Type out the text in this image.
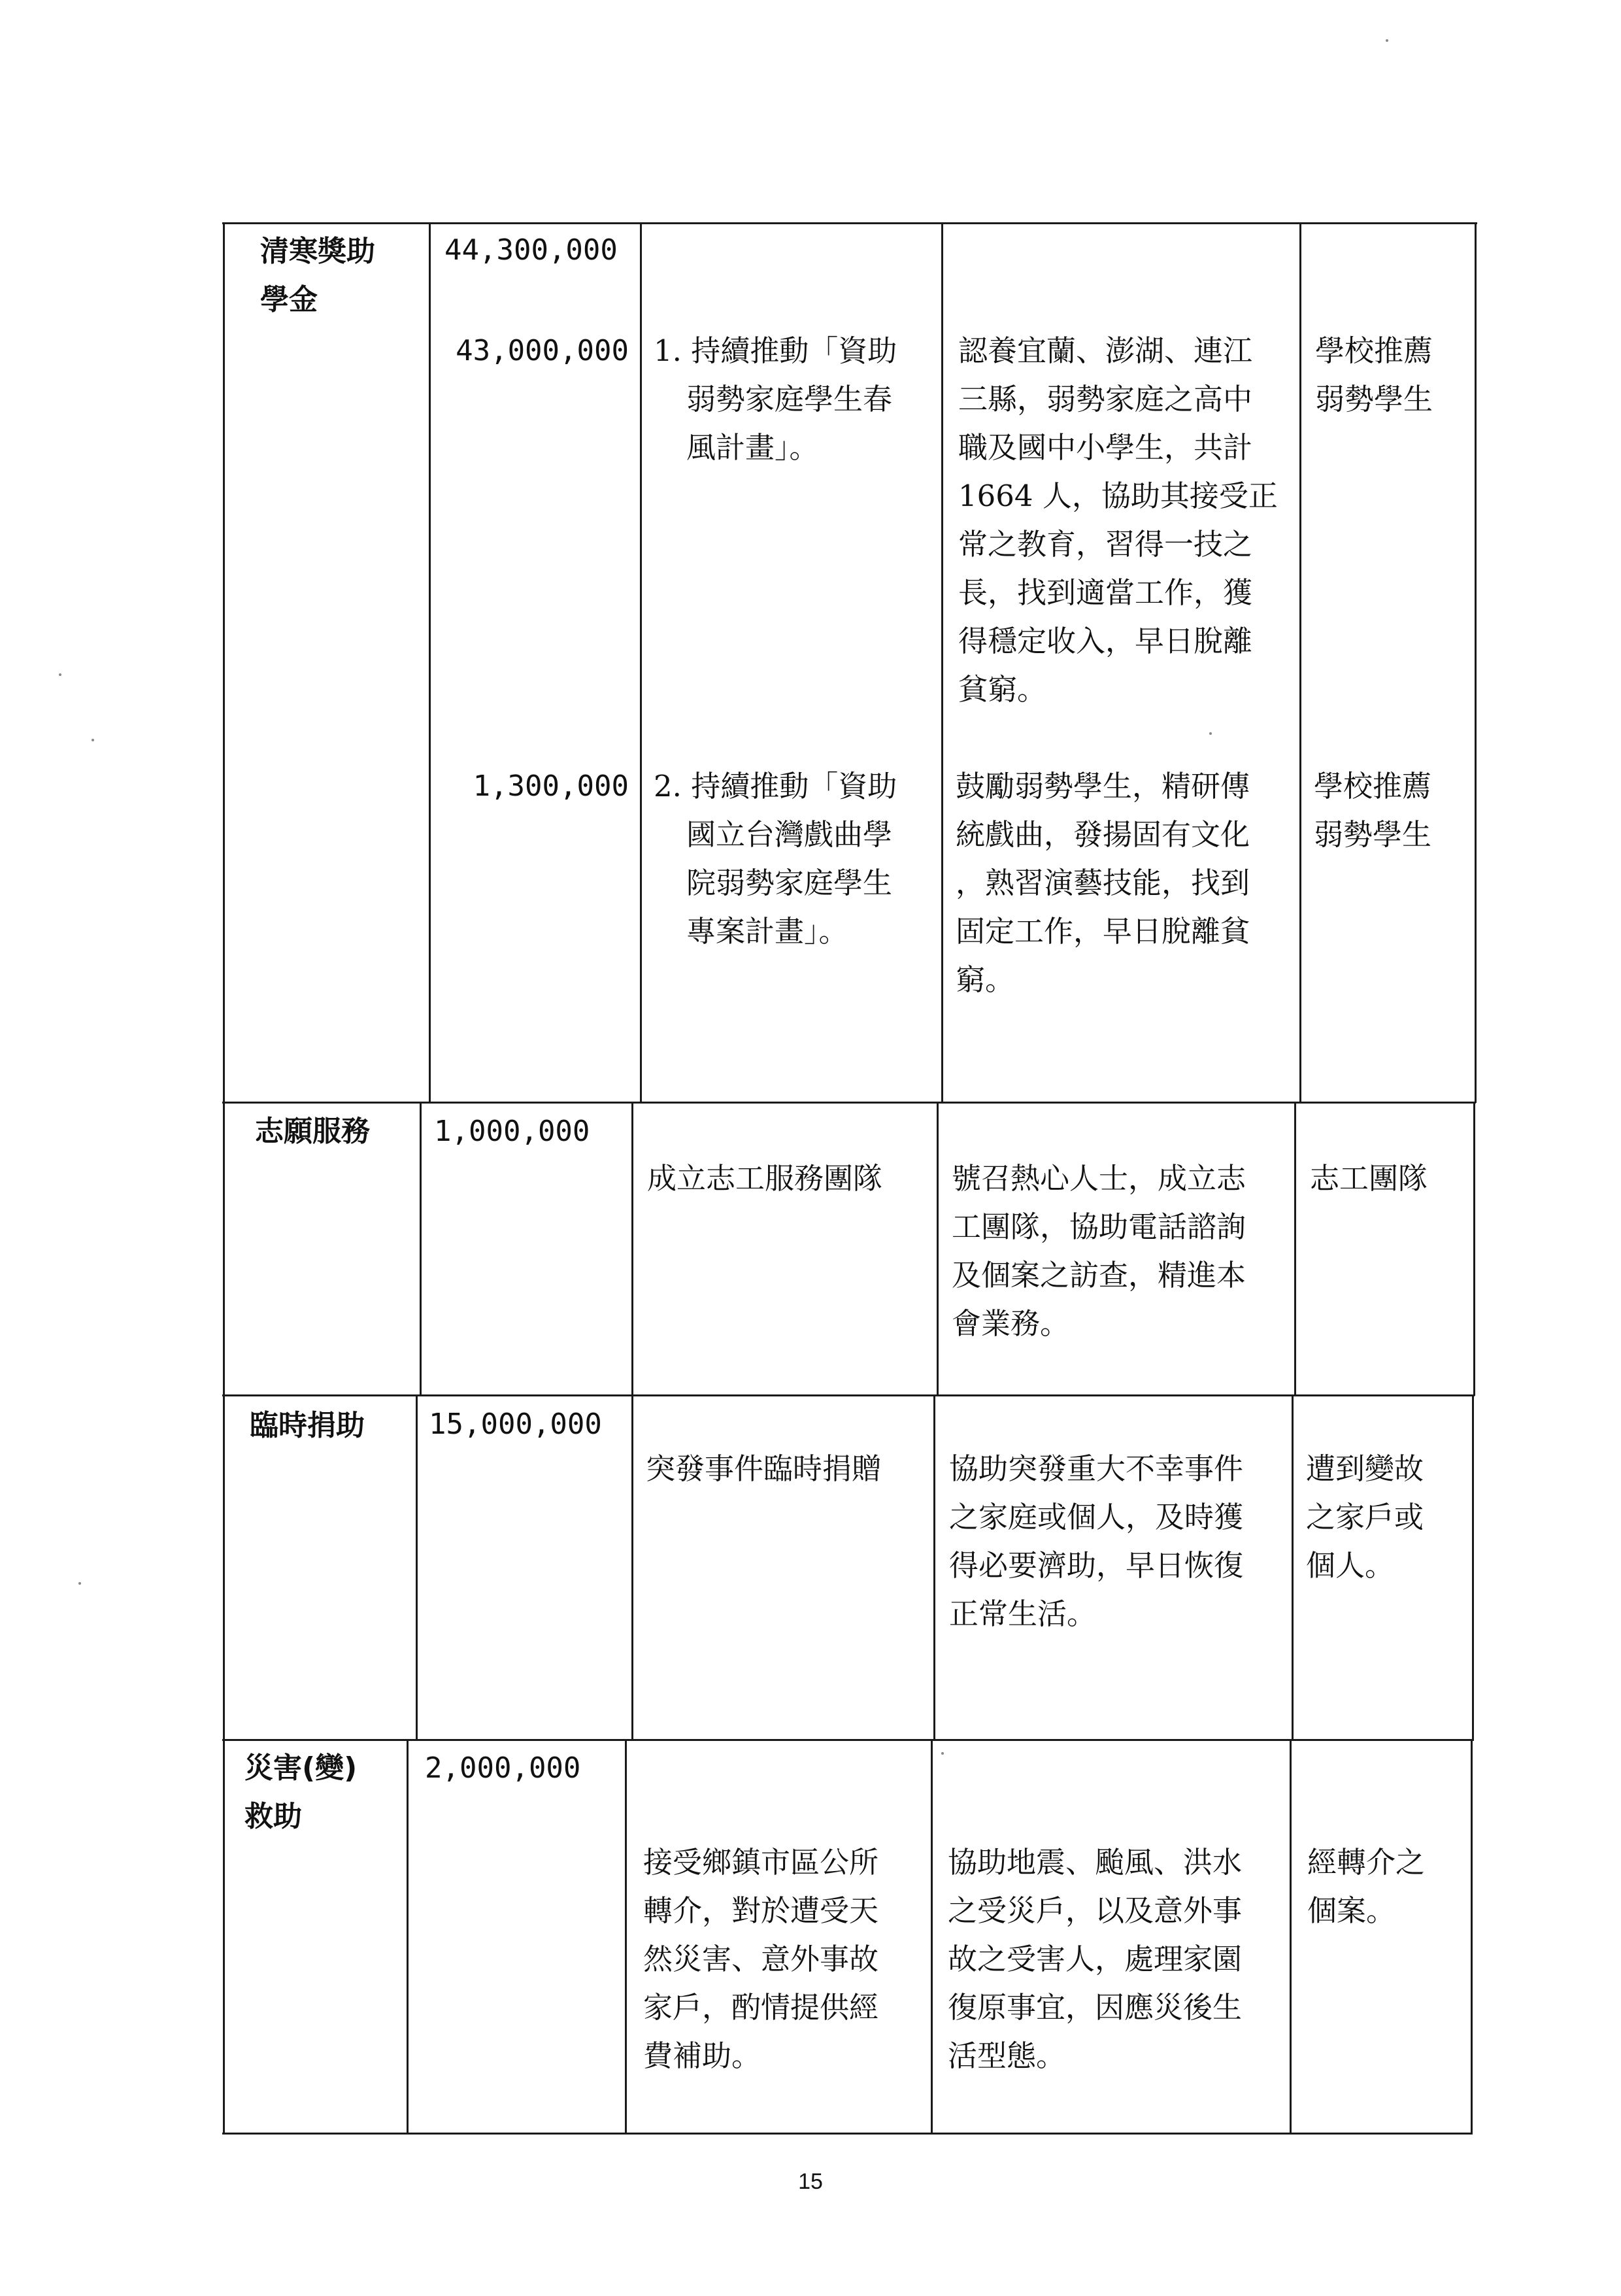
清寒獎助
學金
44,300,000
43,000,000 1. 持續推動「資助
弱勢家庭學生春
風計畫」。
認養宜蘭、澎湖、連江
三縣，弱勢家庭之高中
職及國中小學生，共計
1664 人，協助其接受正
常之教育，習得一技之
長，找到適當工作，獲
得穩定收入，早日脫離
貧窮。
學校推薦
弱勢學生
1,300,000 2. 持續推動「資助
國立台灣戲曲學
院弱勢家庭學生
專案計畫」。
鼓勵弱勢學生，精研傳
統戲曲，發揚固有文化
，熟習演藝技能，找到
固定工作，早日脫離貧
窮。
學校推薦
弱勢學生
志願服務 1,000,000
成立志工服務團隊 號召熱心人士，成立志
工團隊，協助電話諮詢
及個案之訪查，精進本
會業務。
志工團隊
臨時捐助 15,000,000
突發事件臨時捐贈 協助突發重大不幸事件
之家庭或個人，及時獲
得必要濟助，早日恢復
正常生活。
遭到變故
之家戶或
個人。
災害(變)
救助
2,000,000
接受鄉鎮市區公所
轉介，對於遭受天
然災害、意外事故
家戶，酌情提供經
費補助。
協助地震、颱風、洪水
之受災戶，以及意外事
故之受害人，處理家園
復原事宜，因應災後生
活型態。
經轉介之
個案。
15
